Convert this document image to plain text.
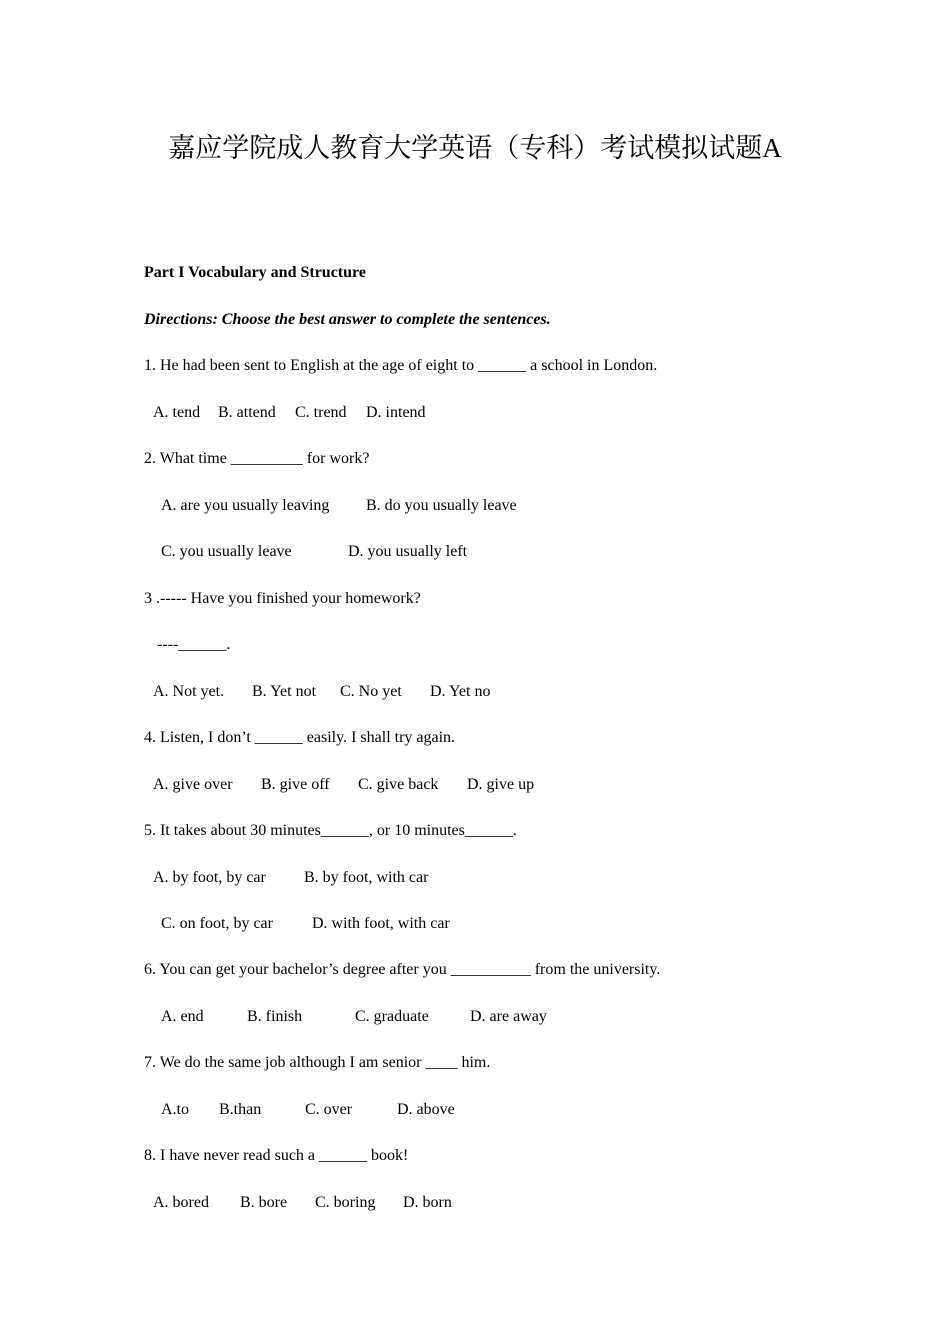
嘉应学院成人教育大学英语（专科）考试模拟试题A
Part I Vocabulary and Structure
Directions: Choose the best answer to complete the sentences.
1. He had been sent to English at the age of eight to ______ a school in London.
A. tend B. attend C. trend D. intend
2. What time _________ for work?
A. are you usually leaving B. do you usually leave
C. you usually leave	D. you usually left
3 .----- Have you finished your homework?
----______.
A. Not yet. B. Yet not C. No yet D. Yet no
4. Listen, I don’t ______ easily. I shall try again.
A. give over B. give off C. give back D. give up
5. It takes about 30 minutes______, or 10 minutes______.
A. by foot, by car B. by foot, with car
C. on foot, by car D. with foot, with car
6. You can get your bachelor’s degree after you __________ from the university.
A. end	B. finish	C. graduate	D. are away
7. We do the same job although I am senior ____ him.
A.to B.than	C. over	D. above
8. I have never read such a ______ book!
A. bored B. bore C. boring D. born
